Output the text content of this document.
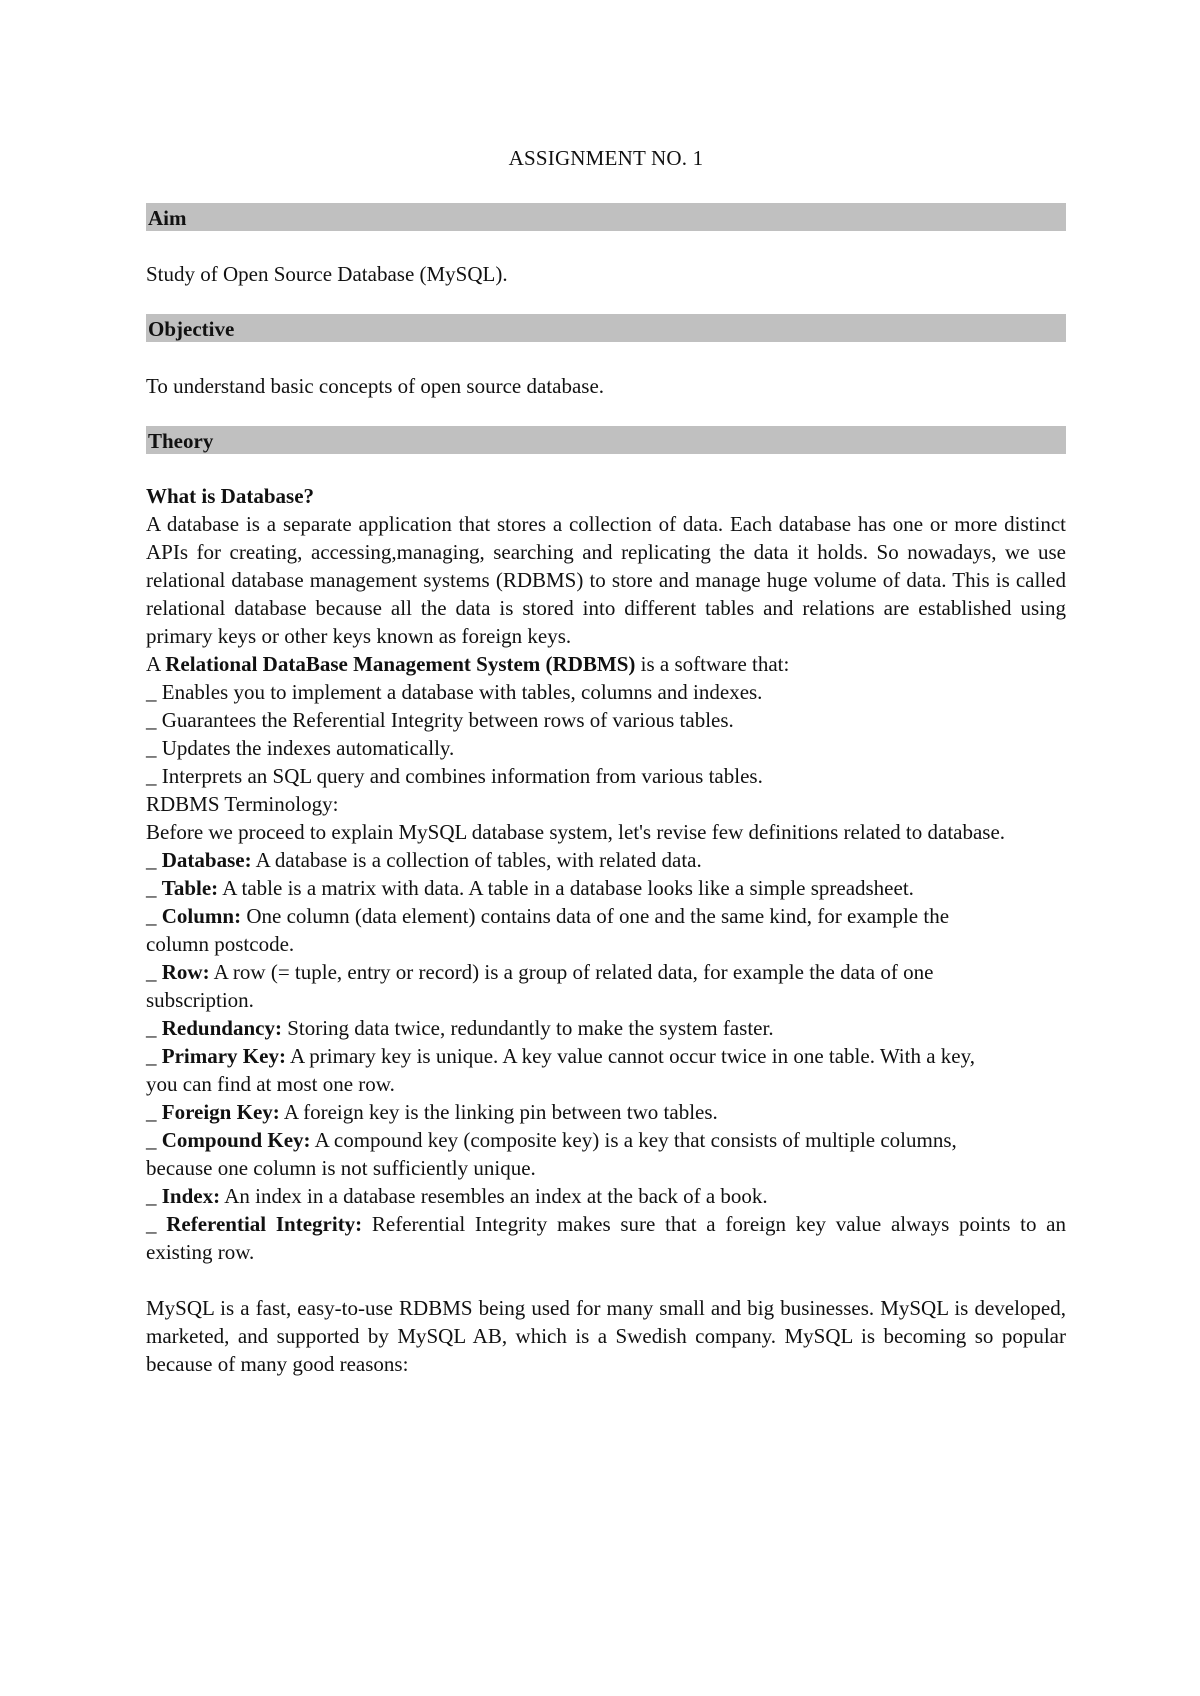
ASSIGNMENT NO. 1
Aim
Study of Open Source Database (MySQL).
Objective
To understand basic concepts of open source database.
Theory

What is Database?

A database is a separate application that stores a collection of data. Each database has one or more distinct APIs for creating, accessing,managing, searching and replicating the data it holds. So nowadays, we use relational database management systems (RDBMS) to store and manage huge volume of data. This is called relational database because all the data is stored into different tables and relations are established using primary keys or other keys known as foreign keys.

A Relational DataBase Management System (RDBMS) is a software that:

_ Enables you to implement a database with tables, columns and indexes.

_ Guarantees the Referential Integrity between rows of various tables.

_ Updates the indexes automatically.

_ Interprets an SQL query and combines information from various tables.

RDBMS Terminology:

Before we proceed to explain MySQL database system, let's revise few definitions related to database.

_ Database: A database is a collection of tables, with related data.

_ Table: A table is a matrix with data. A table in a database looks like a simple spreadsheet.

_ Column: One column (data element) contains data of one and the same kind, for example the

column postcode.

_ Row: A row (= tuple, entry or record) is a group of related data, for example the data of one

subscription.

_ Redundancy: Storing data twice, redundantly to make the system faster.

_ Primary Key: A primary key is unique. A key value cannot occur twice in one table. With a key,

you can find at most one row.

_ Foreign Key: A foreign key is the linking pin between two tables.

_ Compound Key: A compound key (composite key) is a key that consists of multiple columns,

because one column is not sufficiently unique.

_ Index: An index in a database resembles an index at the back of a book.

_ Referential Integrity: Referential Integrity makes sure that a foreign key value always points to an existing row.

MySQL is a fast, easy-to-use RDBMS being used for many small and big businesses. MySQL is developed, marketed, and supported by MySQL AB, which is a Swedish company. MySQL is becoming so popular because of many good reasons:
